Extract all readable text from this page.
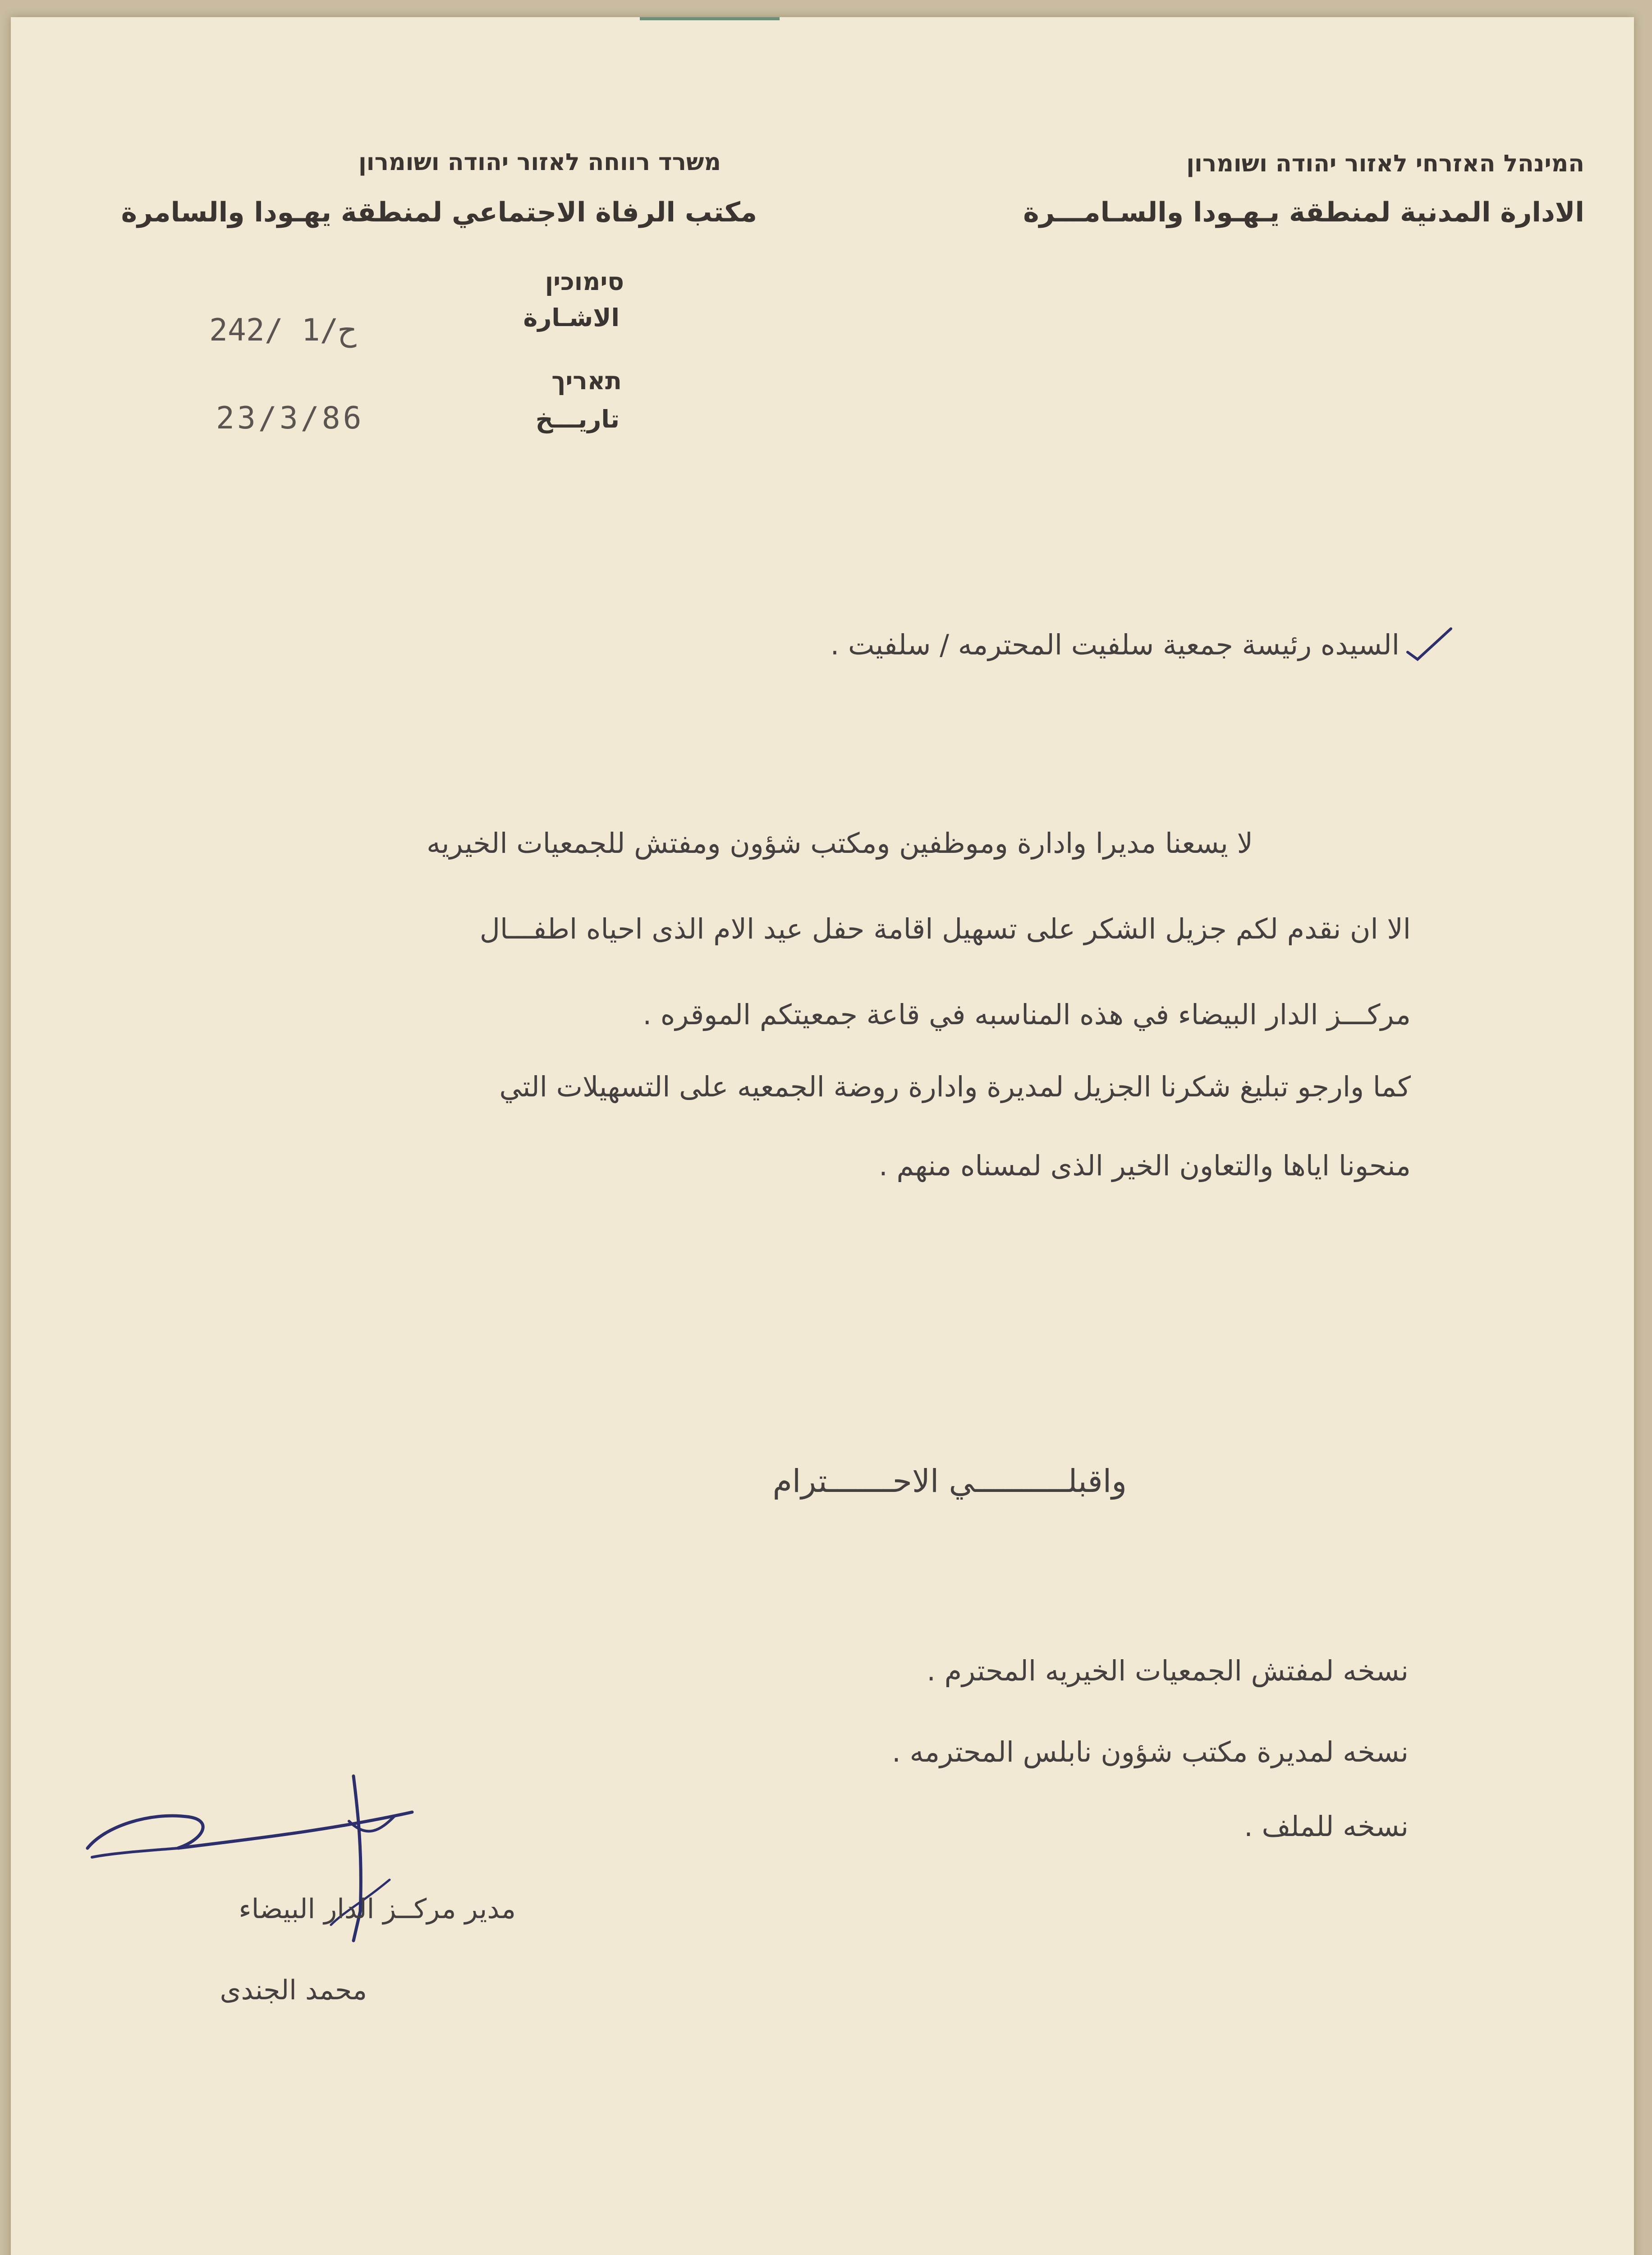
המינהל האזרחי לאזור יהודה ושומרון
الادارة المدنية لمنطقة يـهـودا والسـامـــرة
משרד רווחה לאזור יהודה ושומרון
مكتب الرفاة الاجتماعي لمنطقة يهـودا والسامرة
סימוכין
الاشـارة
242/ 1/ح
תאריך
تاريـــخ
23/3/86
السيده رئيسة جمعية سلفيت المحترمه / سلفيت .
لا يسعنا مديرا وادارة وموظفين ومكتب شؤون ومفتش للجمعيات الخيريه
الا ان نقدم لكم جزيل الشكر على تسهيل اقامة حفل عيد الام الذى احياه اطفـــال
مركـــز الدار البيضاء في هذه المناسبه في قاعة جمعيتكم الموقره .
كما وارجو تبليغ شكرنا الجزيل لمديرة وادارة روضة الجمعيه على التسهيلات التي
منحونا اياها والتعاون الخير الذى لمسناه منهم .
واقبلــــــــــي الاحـــــــترام
نسخه لمفتش الجمعيات الخيريه المحترم .
نسخه لمديرة مكتب شؤون نابلس المحترمه .
نسخه للملف .
مدير مركــز الدار البيضاء
محمد الجندى
